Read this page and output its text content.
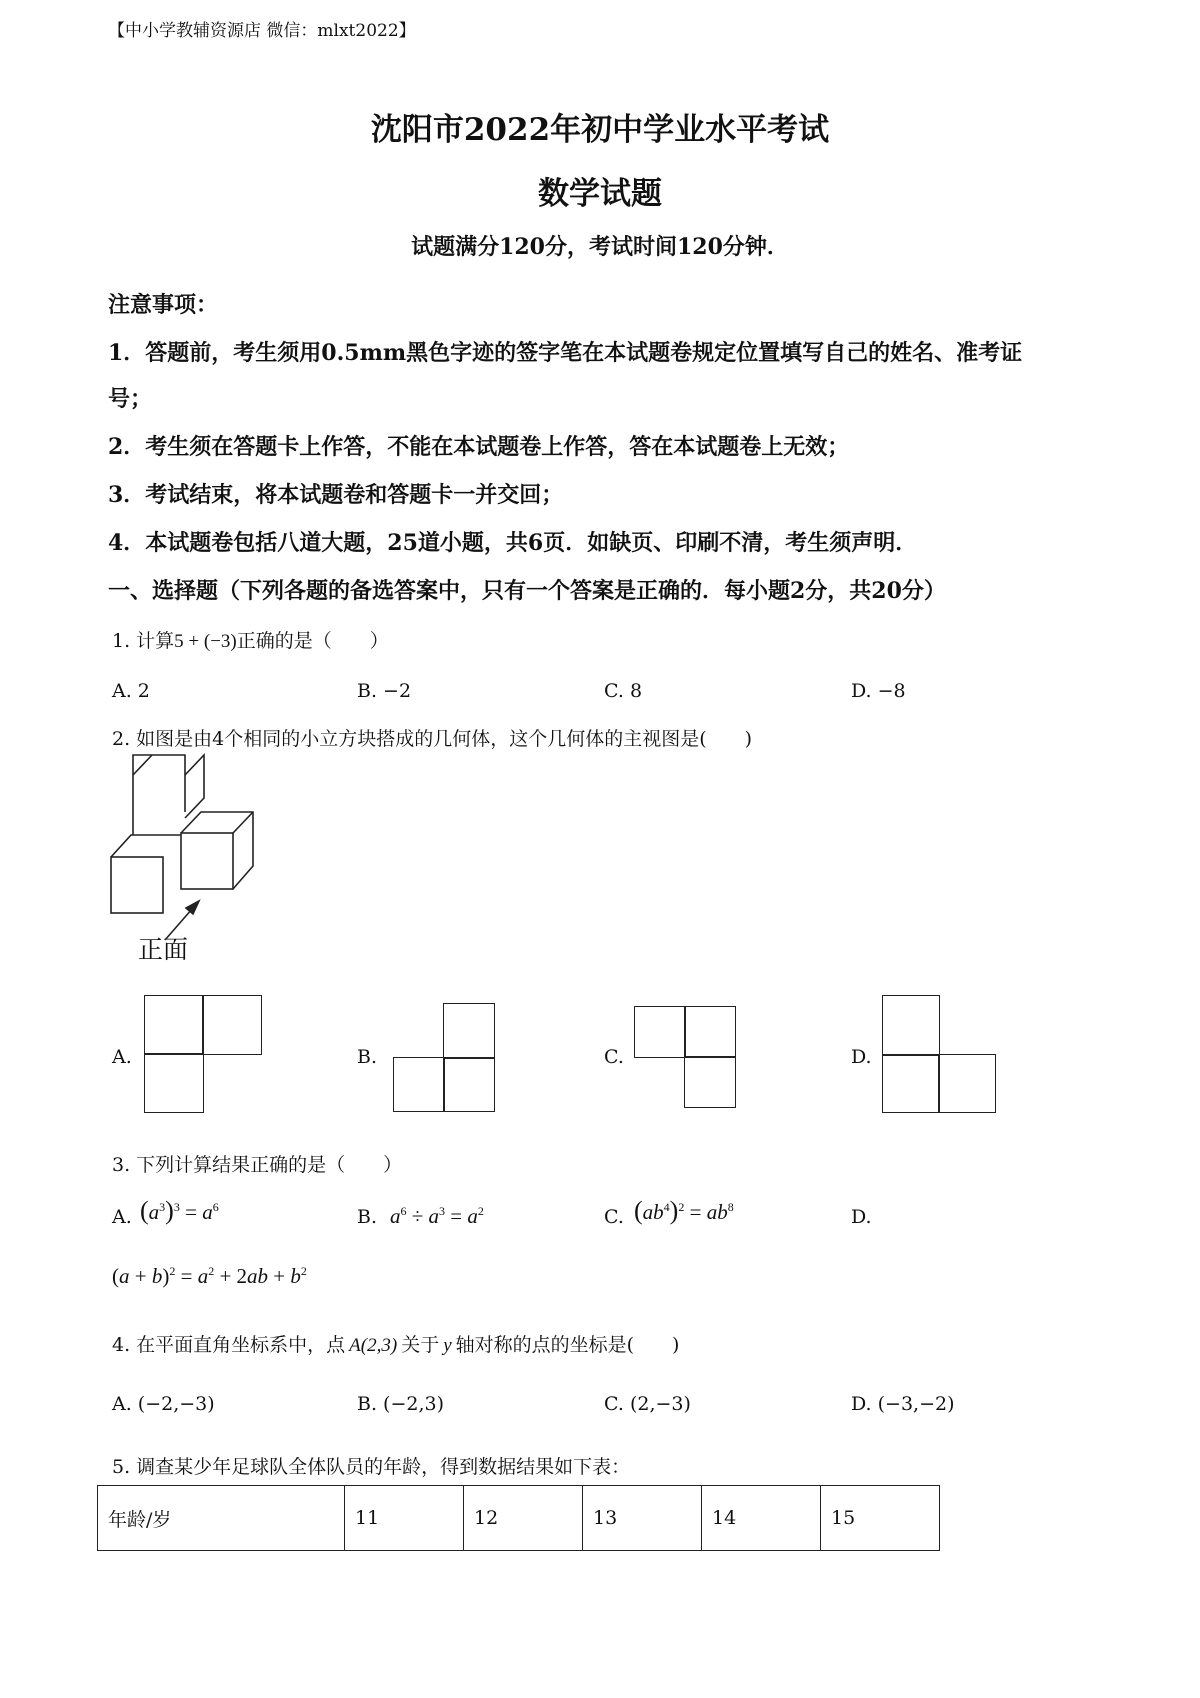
【中小学教辅资源店 微信：mlxt2022】
沈阳市2022年初中学业水平考试
数学试题
试题满分120分，考试时间120分钟．
注意事项：
1．答题前，考生须用0.5mm黑色字迹的签字笔在本试题卷规定位置填写自己的姓名、准考证
号；
2．考生须在答题卡上作答，不能在本试题卷上作答，答在本试题卷上无效；
3．考试结束，将本试题卷和答题卡一并交回；
4．本试题卷包括八道大题，25道小题，共6页．如缺页、印刷不清，考生须声明．
一、选择题（下列各题的备选答案中，只有一个答案是正确的．每小题2分，共20分）
1. 计算5 + (−3)正确的是（　　）
A. 2	B. −2	C. 8	D. −8
2. 如图是由4个相同的小立方块搭成的几何体，这个几何体的主视图是(　　)
正面
A.	B.	C.	D.
3. 下列计算结果正确的是（　　）
A. $(a^3)^3 = a^6$	B. $a^6 \div a^3 = a^2$	C. $(ab^4)^2 = ab^8$	D.
$(a + b)^2 = a^2 + 2ab + b^2$
4. 在平面直角坐标系中，点 A(2,3) 关于 y 轴对称的点的坐标是(　　)
A. (−2,−3)	B. (−2,3)	C. (2,−3)	D. (−3,−2)
5. 调查某少年足球队全体队员的年龄，得到数据结果如下表：
年龄/岁	11	12	13	14	15
